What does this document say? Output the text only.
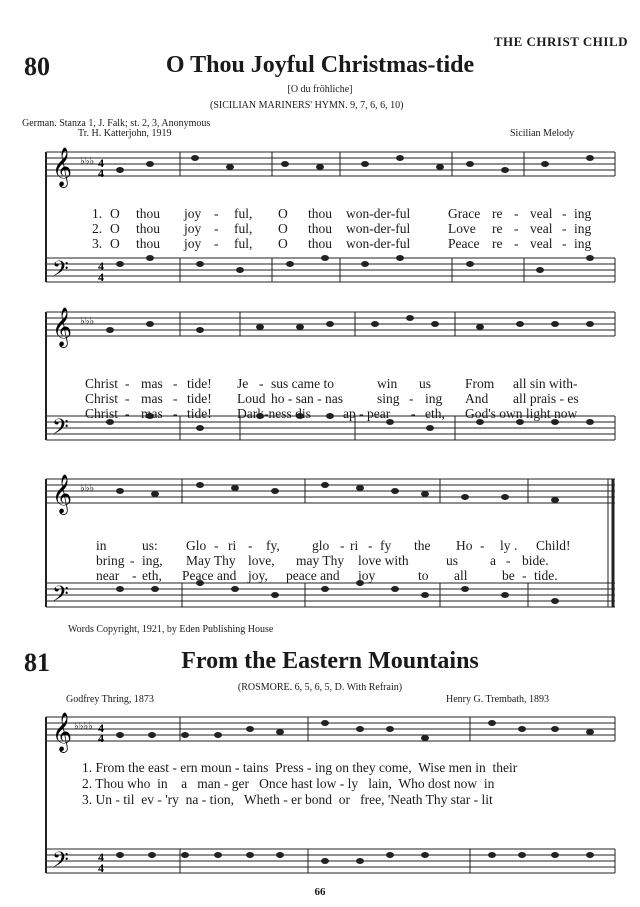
THE CHRIST CHILD
80	O Thou Joyful Christmas-tide
[O du fröhliche]
(SICILIAN MARINERS' HYMN. 9, 7, 6, 6, 10)
German. Stanza 1, J. Falk; st. 2, 3, Anonymous
Tr. H. Katterjohn, 1919	Sicilian Melody
𝄞
𝄢
♭♭♭ 4
4
4
4

1. O thou joy - ful, O thou won-der-ful	Grace re - veal - ing

2. O thou joy - ful, O thou won-der-ful	Love re - veal - ing

3. O thou joy - ful, O thou won-der-ful	Peace re - veal - ing

𝄞
𝄢
♭♭♭

Christ - mas - tide! Je - sus came to	win us	From all sin with-

Christ - mas - tide! Loud ho - san - nas	sing - ing And all prais - es

Christ - mas - tide! Dark-ness dis - ap - pear - eth, God's own light now

𝄞
𝄢
♭♭♭

in	us: Glo - ri - fy, glo - ri - fy the Ho - ly . Child!

bring - ing, May Thy love, may Thy love with	us a - bide.

near - eth, Peace and joy, peace and joy	to all	be - tide.

Words Copyright, 1921, by Eden Publishing House
81	From the Eastern Mountains
(ROSMORE. 6, 5, 6, 5, D. With Refrain)
Godfrey Thring, 1873	Henry G. Trembath, 1893
𝄞
𝄢
♭♭♭♭ 4
4
4
4
1. From the east - ern moun - tains  Press - ing on they come,  Wise men in  their
2. Thou who  in    a   man - ger   Once hast low - ly   lain,  Who dost now  in
3. Un - til  ev - 'ry  na - tion,   Wheth - er bond  or   free, 'Neath Thy star - lit
66
